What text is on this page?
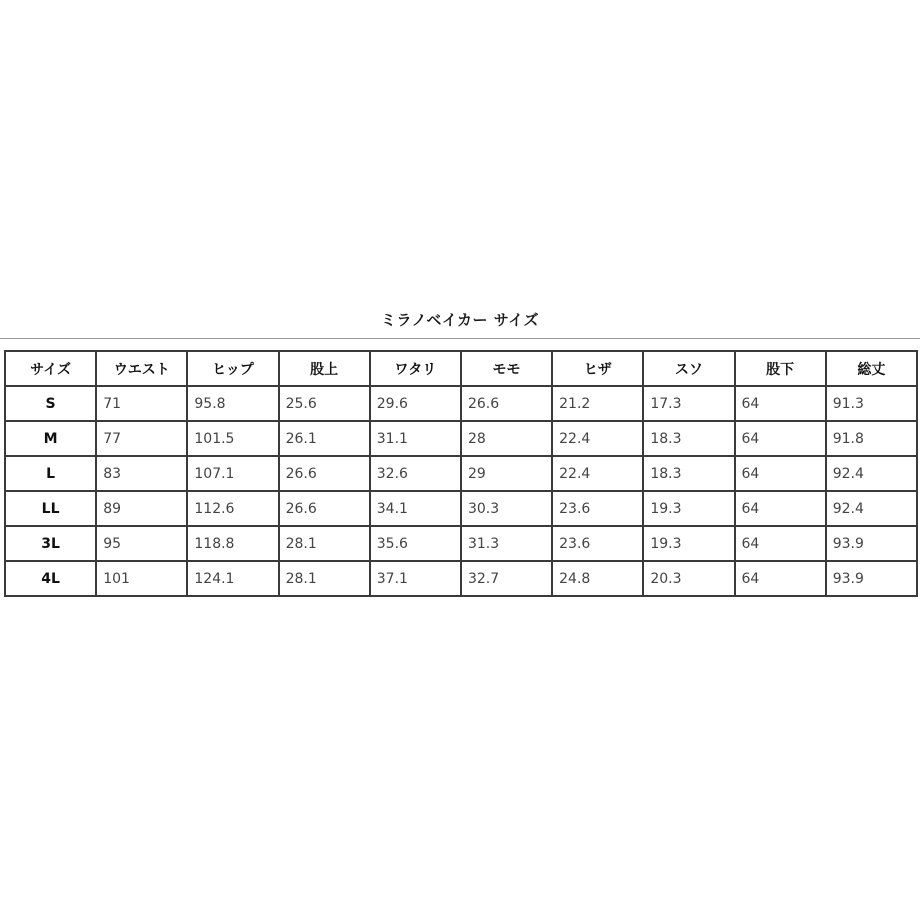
ミラノベイカー サイズ
サイズ	ウエスト	ヒップ	股上	ワタリ	モモ	ヒザ	スソ	股下	総丈
S	71	95.8	25.6	29.6	26.6	21.2	17.3	64	91.3
M	77	101.5	26.1	31.1	28	22.4	18.3	64	91.8
L	83	107.1	26.6	32.6	29	22.4	18.3	64	92.4
LL	89	112.6	26.6	34.1	30.3	23.6	19.3	64	92.4
3L	95	118.8	28.1	35.6	31.3	23.6	19.3	64	93.9
4L	101	124.1	28.1	37.1	32.7	24.8	20.3	64	93.9
